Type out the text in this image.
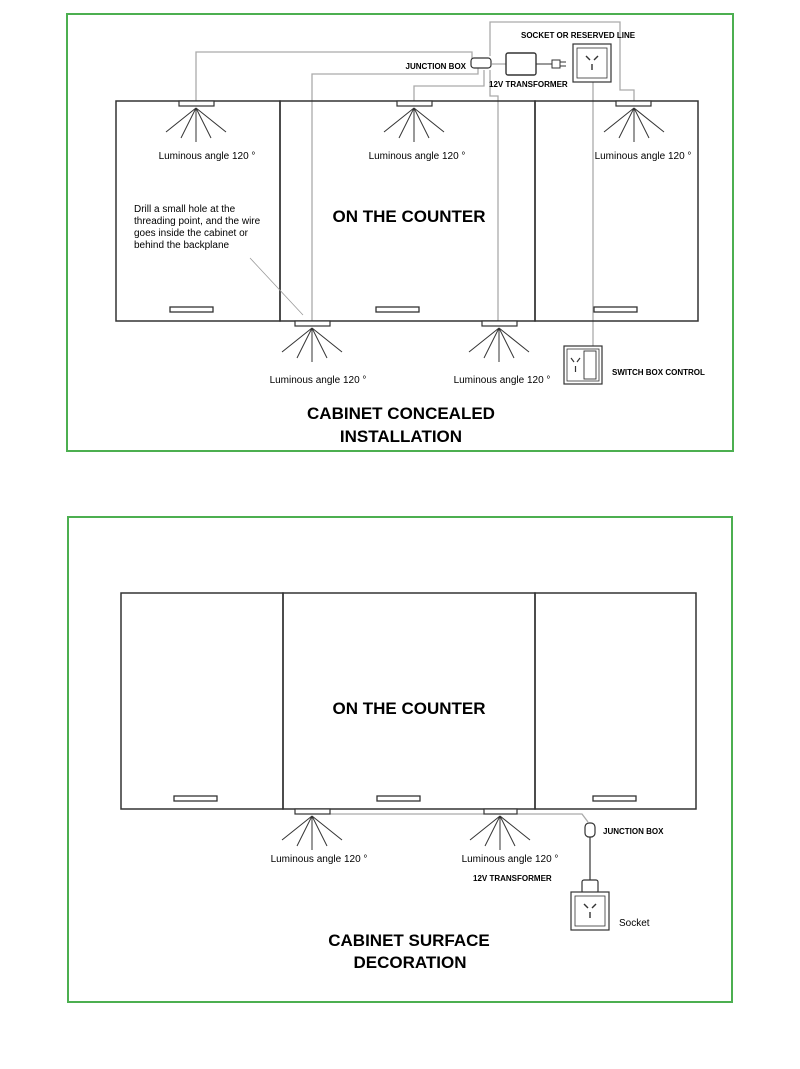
JUNCTION BOX
SOCKET OR RESERVED LINE
12V TRANSFORMER
SWITCH BOX CONTROL
Luminous angle 120 °	Luminous angle 120 °	Luminous angle 120 °
Luminous angle 120 °	Luminous angle 120 °
Drill a small hole at the threading point, and the wire goes inside the cabinet or behind the backplane
ON THE COUNTER
CABINET CONCEALED
INSTALLATION
JUNCTION BOX
12V TRANSFORMER
Socket
Luminous angle 120 °	Luminous angle 120 °
ON THE COUNTER
CABINET SURFACE
DECORATION
